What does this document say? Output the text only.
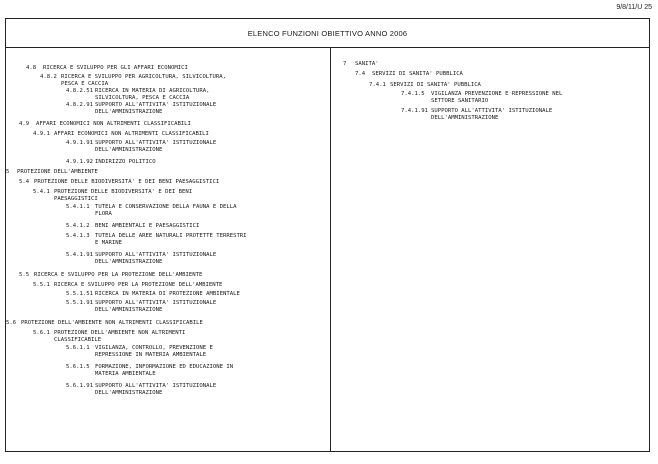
9/8/11/U 25
ELENCO FUNZIONI OBIETTIVO ANNO 2006
4.8	RICERCA E SVILUPPO PER GLI AFFARI ECONOMICI
4.8.2 RICERCA E SVILUPPO PER AGRICOLTURA, SILVICOLTURA,
PESCA E CACCIA
4.8.2.51 RICERCA IN MATERIA DI AGRICOLTURA,
SILVICOLTURA, PESCA E CACCIA
4.8.2.91 SUPPORTO ALL'ATTIVITA' ISTITUZIONALE
DELL'AMMINISTRAZIONE
4.9	AFFARI ECONOMICI NON ALTRIMENTI CLASSIFICABILI
4.9.1 AFFARI ECONOMICI NON ALTRIMENTI CLASSIFICABILI
4.9.1.91 SUPPORTO ALL'ATTIVITA' ISTITUZIONALE
DELL'AMMINISTRAZIONE
4.9.1.92 INDIRIZZO POLITICO
5	PROTEZIONE DELL'AMBIENTE
5.4 PROTEZIONE DELLE BIODIVERSITA' E DEI BENI PAESAGGISTICI
5.4.1 PROTEZIONE DELLE BIODIVERSITA' E DEI BENI
PAESAGGISTICI
5.4.1.1 TUTELA E CONSERVAZIONE DELLA FAUNA E DELLA
FLORA
5.4.1.2 BENI AMBIENTALI E PAESAGGISTICI
5.4.1.3 TUTELA DELLE AREE NATURALI PROTETTE TERRESTRI
E MARINE
5.4.1.91 SUPPORTO ALL'ATTIVITA' ISTITUZIONALE
DELL'AMMINISTRAZIONE
5.5 RICERCA E SVILUPPO PER LA PROTEZIONE DELL'AMBIENTE
5.5.1 RICERCA E SVILUPPO PER LA PROTEZIONE DELL'AMBIENTE
5.5.1.51 RICERCA IN MATERIA DI PROTEZIONE AMBIENTALE
5.5.1.91 SUPPORTO ALL'ATTIVITA' ISTITUZIONALE
DELL'AMMINISTRAZIONE
5.6 PROTEZIONE DELL'AMBIENTE NON ALTRIMENTI CLASSIFICABILE
5.6.1 PROTEZIONE DELL'AMBIENTE NON ALTRIMENTI
CLASSIFICABILE
5.6.1.1 VIGILANZA, CONTROLLO, PREVENZIONE E
REPRESSIONE IN MATERIA AMBIENTALE
5.6.1.5 FORMAZIONE, INFORMAZIONE ED EDUCAZIONE IN
MATERIA AMBIENTALE
5.6.1.91 SUPPORTO ALL'ATTIVITA' ISTITUZIONALE
DELL'AMMINISTRAZIONE
7	SANITA'
7.4	SERVIZI DI SANITA' PUBBLICA
7.4.1 SERVIZI DI SANITA' PUBBLICA
7.4.1.5	VIGILANZA PREVENZIONE E REPRESSIONE NEL
SETTORE SANITARIO
7.4.1.91 SUPPORTO ALL'ATTIVITA' ISTITUZIONALE
DELL'AMMINISTRAZIONE
